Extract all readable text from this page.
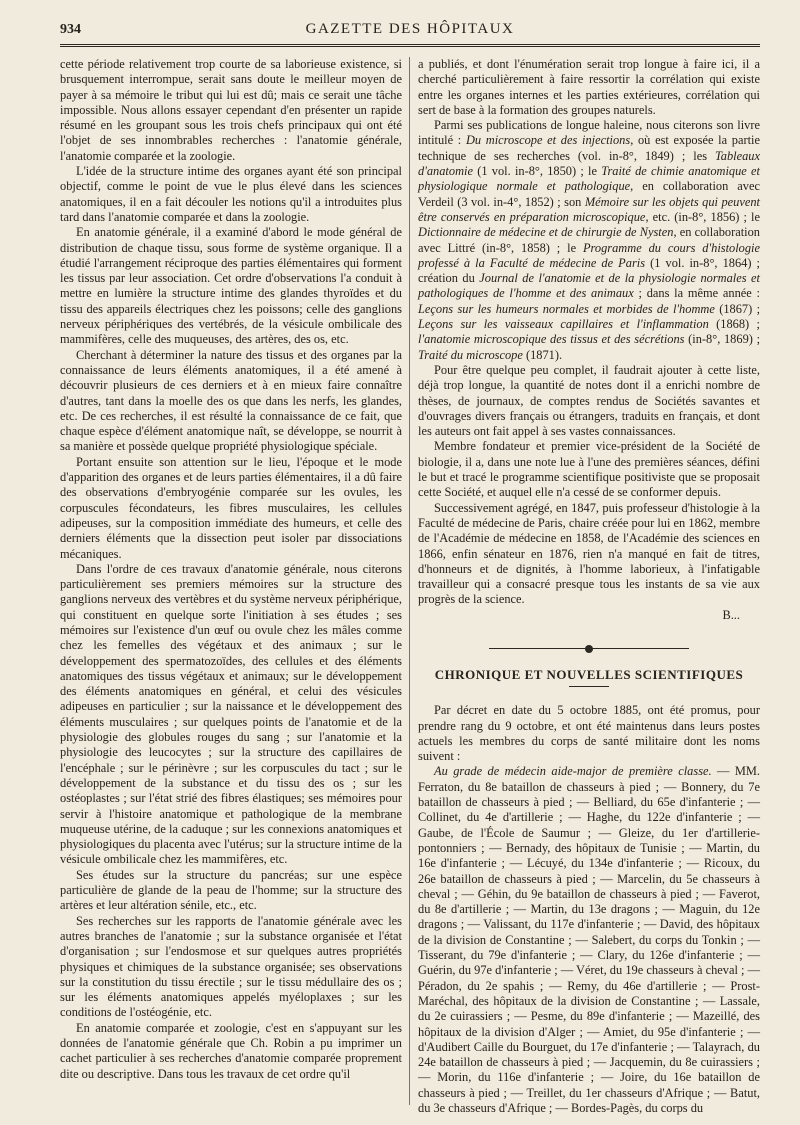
934	GAZETTE DES HÔPITAUX

cette période relativement trop courte de sa laborieuse existence, si brusquement interrompue, serait sans doute le meilleur moyen de payer à sa mémoire le tribut qui lui est dû; mais ce serait une tâche impossible. Nous allons essayer cependant d'en présenter un rapide résumé en les groupant sous les trois chefs principaux qui ont été l'objet de ses innombrables recherches : l'anatomie générale, l'anatomie comparée et la zoologie.

L'idée de la structure intime des organes ayant été son principal objectif, comme le point de vue le plus élevé dans les sciences anatomiques, il en a fait découler les notions qu'il a introduites plus tard dans l'anatomie comparée et dans la zoologie.

En anatomie générale, il a examiné d'abord le mode général de distribution de chaque tissu, sous forme de système organique. Il a étudié l'arrangement réciproque des parties élémentaires qui forment les tissus par leur association. Cet ordre d'observations l'a conduit à mettre en lumière la structure intime des glandes thyroïdes et du tissu des appareils électriques chez les poissons; celle des ganglions nerveux périphériques des vertébrés, de la vésicule ombilicale des mammifères, celle des muqueuses, des artères, des os, etc.

Cherchant à déterminer la nature des tissus et des organes par la connaissance de leurs éléments anatomiques, il a été amené à découvrir plusieurs de ces derniers et à en mieux faire connaître d'autres, tant dans la moelle des os que dans les nerfs, les glandes, etc. De ces recherches, il est résulté la connaissance de ce fait, que chaque espèce d'élément anatomique naît, se développe, se nourrit à sa manière et possède quelque propriété physiologique spéciale.

Portant ensuite son attention sur le lieu, l'époque et le mode d'apparition des organes et de leurs parties élémentaires, il a dû faire des observations d'embryogénie comparée sur les ovules, les corpuscules fécondateurs, les fibres musculaires, les cellules adipeuses, sur la composition immédiate des humeurs, et celle des derniers éléments que la dissection peut isoler par dissociations mécaniques.

Dans l'ordre de ces travaux d'anatomie générale, nous citerons particulièrement ses premiers mémoires sur la structure des ganglions nerveux des vertèbres et du système nerveux périphérique, qui constituent en quelque sorte l'initiation à ses études ; ses mémoires sur l'existence d'un œuf ou ovule chez les mâles comme chez les femelles des végétaux et des animaux ; sur le développement des spermatozoïdes, des cellules et des éléments anatomiques des tissus végétaux et animaux; sur le développement des éléments anatomiques en général, et celui des vésicules adipeuses en particulier ; sur la naissance et le développement des éléments musculaires ; sur quelques points de l'anatomie et de la physiologie des globules rouges du sang ; sur l'anatomie et la physiologie des leucocytes ; sur la structure des capillaires de l'encéphale ; sur le périnèvre ; sur les corpuscules du tact ; sur le développement de la substance et du tissu des os ; sur les ostéoplastes ; sur l'état strié des fibres élastiques; ses mémoires pour servir à l'histoire anatomique et pathologique de la membrane muqueuse utérine, de la caduque ; sur les connexions anatomiques et physiologiques du placenta avec l'utérus; sur la structure intime de la vésicule ombilicale chez les mammifères, etc.

Ses études sur la structure du pancréas; sur une espèce particulière de glande de la peau de l'homme; sur la structure des artères et leur altération sénile, etc., etc.

Ses recherches sur les rapports de l'anatomie générale avec les autres branches de l'anatomie ; sur la substance organisée et l'état d'organisation ; sur l'endosmose et sur quelques autres propriétés physiques et chimiques de la substance organisée; ses observations sur la constitution du tissu érectile ; sur le tissu médullaire des os ; sur les éléments anatomiques appelés myéloplaxes ; sur les conditions de l'ostéogénie, etc.

En anatomie comparée et zoologie, c'est en s'appuyant sur les données de l'anatomie générale que Ch. Robin a pu imprimer un cachet particulier à ses recherches d'anatomie comparée proprement dite ou descriptive. Dans tous les travaux de cet ordre qu'il

a publiés, et dont l'énumération serait trop longue à faire ici, il a cherché particulièrement à faire ressortir la corrélation qui existe entre les organes internes et les parties extérieures, corrélation qui sert de base à la formation des groupes naturels.

Parmi ses publications de longue haleine, nous citerons son livre intitulé : Du microscope et des injections, où est exposée la partie technique de ses recherches (vol. in-8°, 1849) ; les Tableaux d'anatomie (1 vol. in-8°, 1850) ; le Traité de chimie anatomique et physiologique normale et pathologique, en collaboration avec Verdeil (3 vol. in-4°, 1852) ; son Mémoire sur les objets qui peuvent être conservés en préparation microscopique, etc. (in-8°, 1856) ; le Dictionnaire de médecine et de chirurgie de Nysten, en collaboration avec Littré (in-8°, 1858) ; le Programme du cours d'histologie professé à la Faculté de médecine de Paris (1 vol. in-8°, 1864) ; création du Journal de l'anatomie et de la physiologie normales et pathologiques de l'homme et des animaux ; dans la même année : Leçons sur les humeurs normales et morbides de l'homme (1867) ; Leçons sur les vaisseaux capillaires et l'inflammation (1868) ; l'anatomie microscopique des tissus et des sécrétions (in-8°, 1869) ; Traité du microscope (1871).

Pour être quelque peu complet, il faudrait ajouter à cette liste, déjà trop longue, la quantité de notes dont il a enrichi nombre de thèses, de journaux, de comptes rendus de Sociétés savantes et d'ouvrages divers français ou étrangers, traduits en français, et dont les auteurs ont fait appel à ses vastes connaissances.

Membre fondateur et premier vice-président de la Société de biologie, il a, dans une note lue à l'une des premières séances, défini le but et tracé le programme scientifique positiviste que se proposait cette Société, et auquel elle n'a cessé de se conformer depuis.

Successivement agrégé, en 1847, puis professeur d'histologie à la Faculté de médecine de Paris, chaire créée pour lui en 1862, membre de l'Académie de médecine en 1858, de l'Académie des sciences en 1866, enfin sénateur en 1876, rien n'a manqué en fait de titres, d'honneurs et de dignités, à l'homme laborieux, à l'infatigable travailleur qui a consacré presque tous les instants de sa vie aux progrès de la science.

B...

CHRONIQUE ET NOUVELLES SCIENTIFIQUES

Par décret en date du 5 octobre 1885, ont été promus, pour prendre rang du 9 octobre, et ont été maintenus dans leurs postes actuels les membres du corps de santé militaire dont les noms suivent :

Au grade de médecin aide-major de première classe. — MM. Ferraton, du 8e bataillon de chasseurs à pied ; — Bonnery, du 7e bataillon de chasseurs à pied ; — Belliard, du 65e d'infanterie ; — Collinet, du 4e d'artillerie ; — Haghe, du 122e d'infanterie ; — Gaube, de l'École de Saumur ; — Gleize, du 1er d'artillerie-pontonniers ; — Bernady, des hôpitaux de Tunisie ; — Martin, du 16e d'infanterie ; — Lécuyé, du 134e d'infanterie ; — Ricoux, du 26e bataillon de chasseurs à pied ; — Marcelin, du 5e chasseurs à cheval ; — Géhin, du 9e bataillon de chasseurs à pied ; — Faverot, du 8e d'artillerie ; — Martin, du 13e dragons ; — Maguin, du 12e dragons ; — Valissant, du 117e d'infanterie ; — David, des hôpitaux de la division de Constantine ; — Salebert, du corps du Tonkin ; — Tisserant, du 79e d'infanterie ; — Clary, du 126e d'infanterie ; — Guérin, du 97e d'infanterie ; — Véret, du 19e chasseurs à cheval ; — Péradon, du 2e spahis ; — Remy, du 46e d'artillerie ; — Prost-Maréchal, des hôpitaux de la division de Constantine ; — Lassale, du 2e cuirassiers ; — Pesme, du 89e d'infanterie ; — Mazeillé, des hôpitaux de la division d'Alger ; — Amiet, du 95e d'infanterie ; — d'Audibert Caille du Bourguet, du 17e d'infanterie ; — Talayrach, du 24e bataillon de chasseurs à pied ; — Jacquemin, du 8e cuirassiers ; — Morin, du 116e d'infanterie ; — Joire, du 16e bataillon de chasseurs à pied ; — Treillet, du 1er chasseurs d'Afrique ; — Batut, du 3e chasseurs d'Afrique ; — Bordes-Pagès, du corps du
